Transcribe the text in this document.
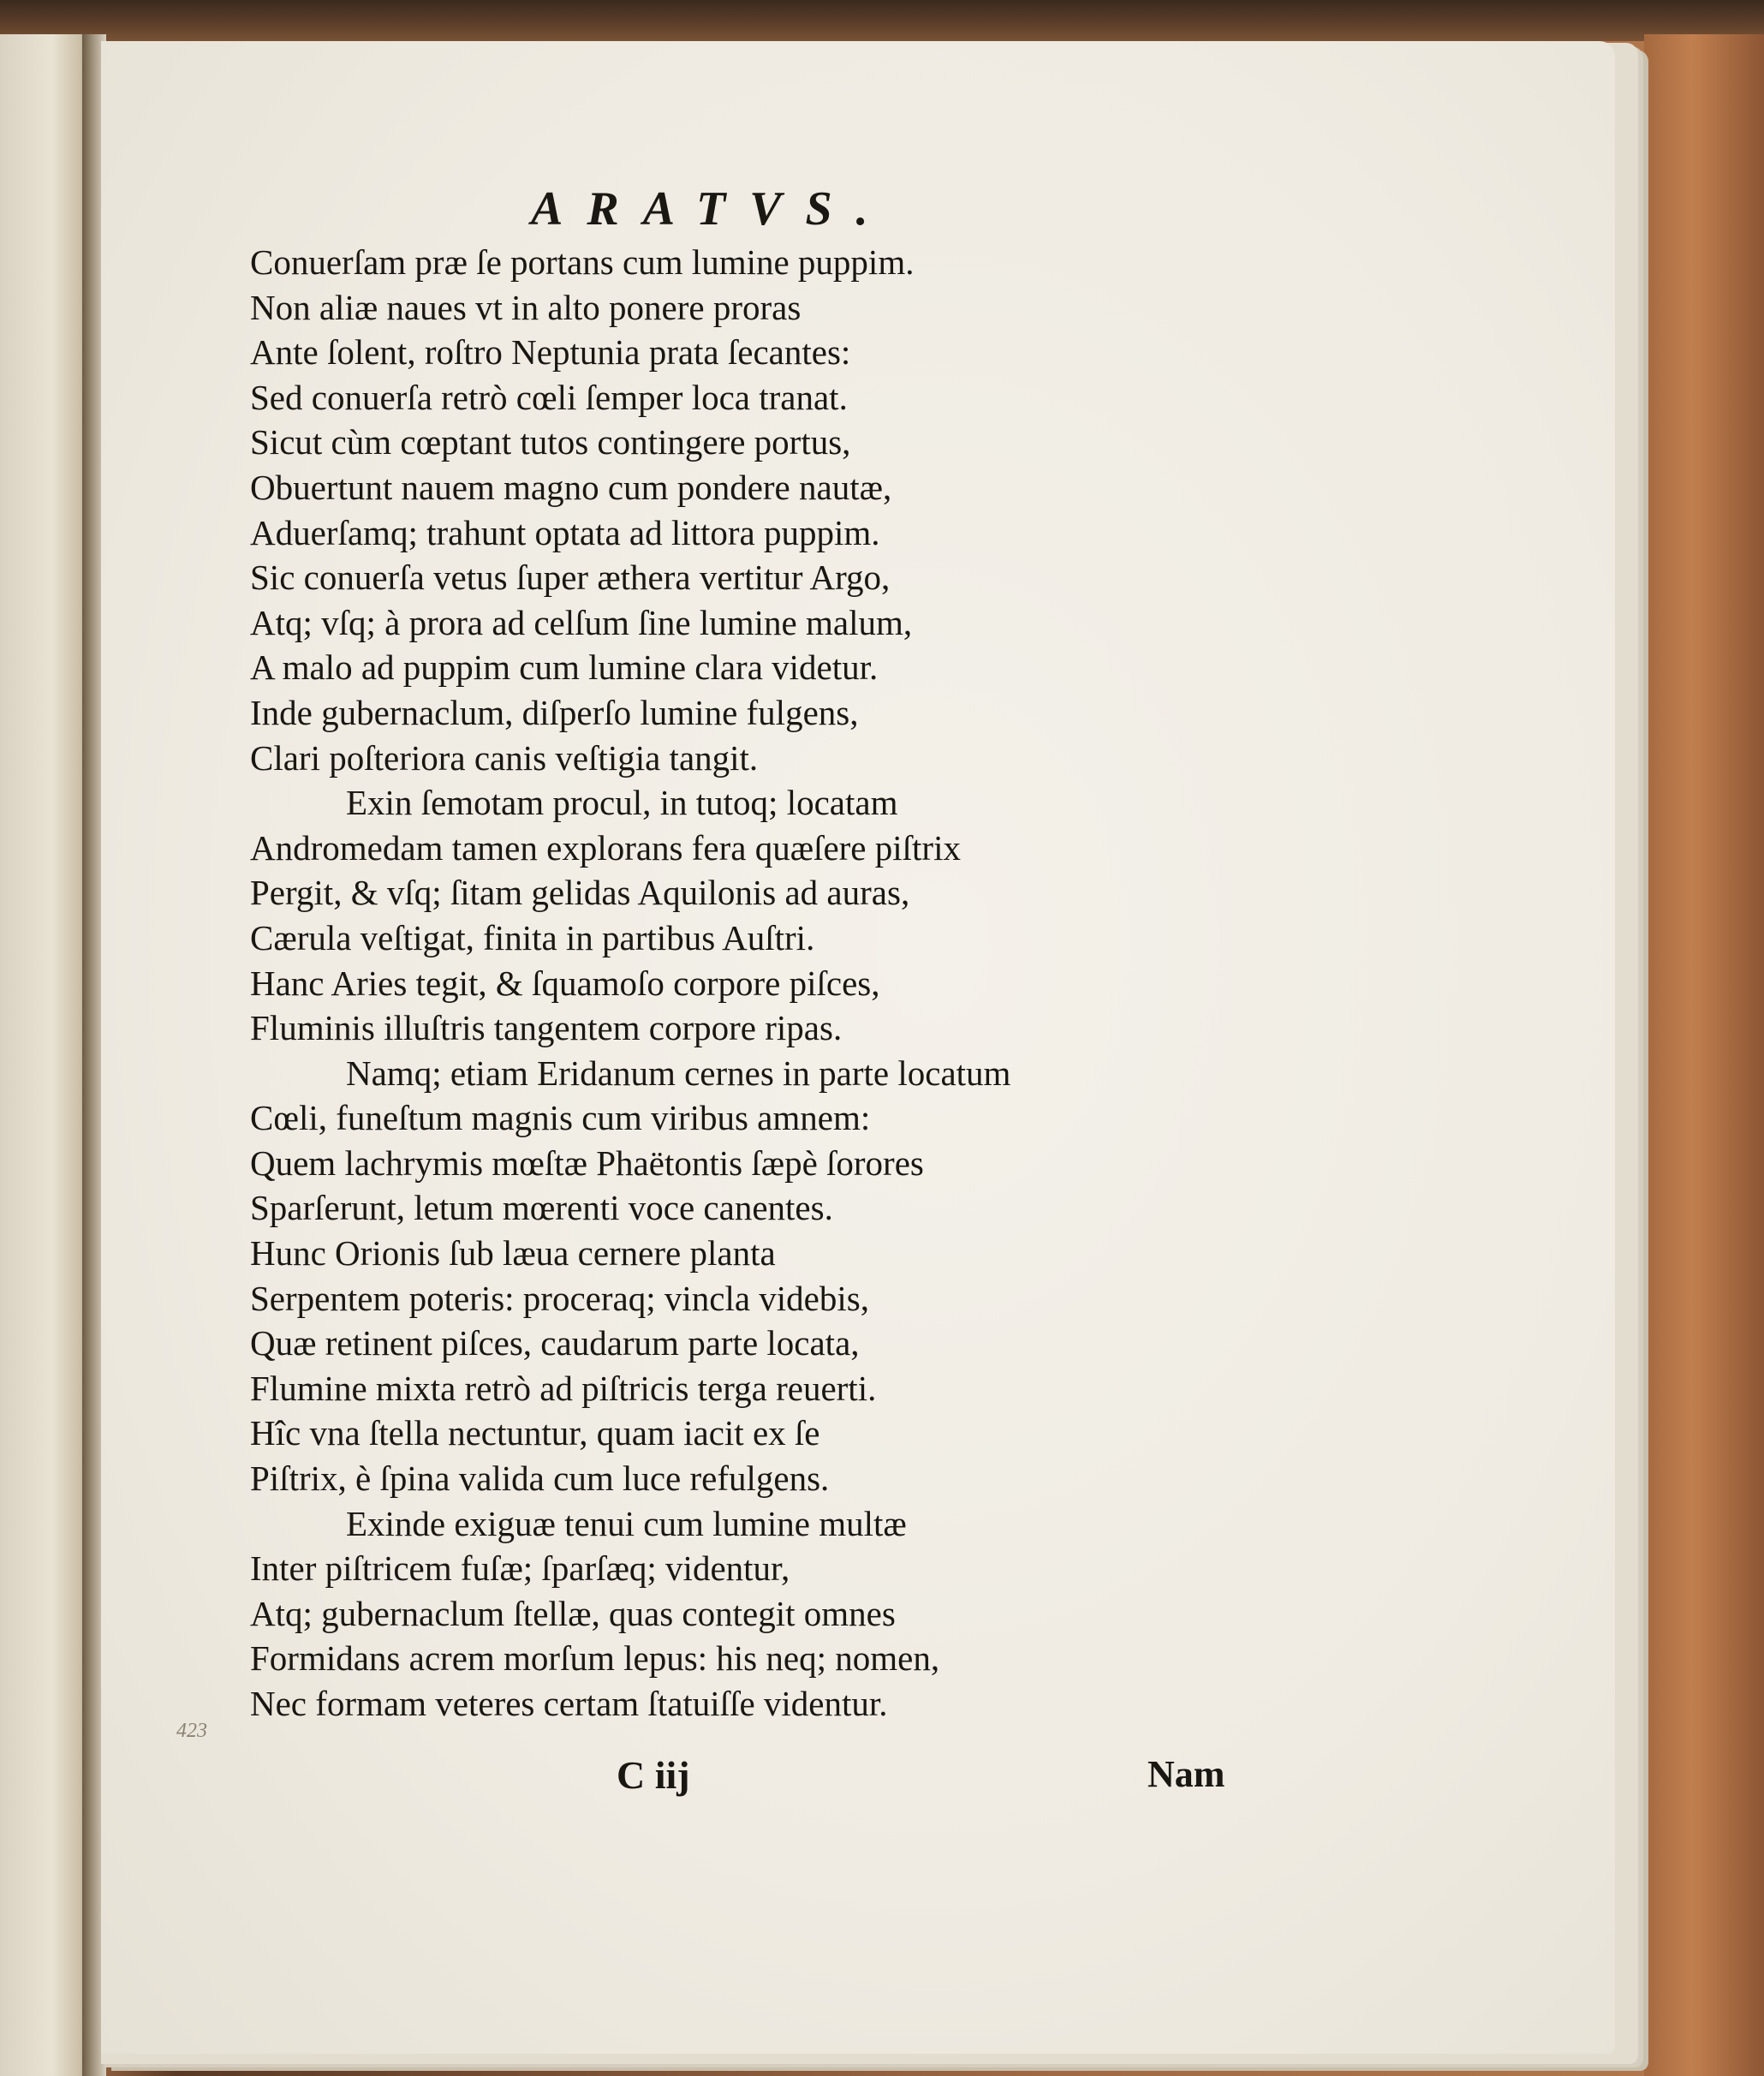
ARATVS.
Conuerſam præ ſe portans cum lumine puppim.
Non aliæ naues vt in alto ponere proras
Ante ſolent, roſtro Neptunia prata ſecantes:
Sed conuerſa retrò cœli ſemper loca tranat.
Sicut cùm cœptant tutos contingere portus,
Obuertunt nauem magno cum pondere nautæ,
Aduerſamq; trahunt optata ad littora puppim.
Sic conuerſa vetus ſuper æthera vertitur Argo,
Atq; vſq; à prora ad celſum ſine lumine malum,
A malo ad puppim cum lumine clara videtur.
Inde gubernaclum, diſperſo lumine fulgens,
Clari poſteriora canis veſtigia tangit.
Exin ſemotam procul, in tutoq; locatam
Andromedam tamen explorans fera quæſere piſtrix
Pergit, & vſq; ſitam gelidas Aquilonis ad auras,
Cærula veſtigat, finita in partibus Auſtri.
Hanc Aries tegit, & ſquamoſo corpore piſces,
Fluminis illuſtris tangentem corpore ripas.
Namq; etiam Eridanum cernes in parte locatum
Cœli, funeſtum magnis cum viribus amnem:
Quem lachrymis mœſtæ Phaëtontis ſæpè ſorores
Sparſerunt, letum mœrenti voce canentes.
Hunc Orionis ſub læua cernere planta
Serpentem poteris: proceraq; vincla videbis,
Quæ retinent piſces, caudarum parte locata,
Flumine mixta retrò ad piſtricis terga reuerti.
Hîc vna ſtella nectuntur, quam iacit ex ſe
Piſtrix, è ſpina valida cum luce refulgens.
Exinde exiguæ tenui cum lumine multæ
Inter piſtricem fuſæ; ſparſæq; videntur,
Atq; gubernaclum ſtellæ, quas contegit omnes
Formidans acrem morſum lepus: his neq; nomen,
Nec formam veteres certam ſtatuiſſe videntur.
423
C iij	Nam
